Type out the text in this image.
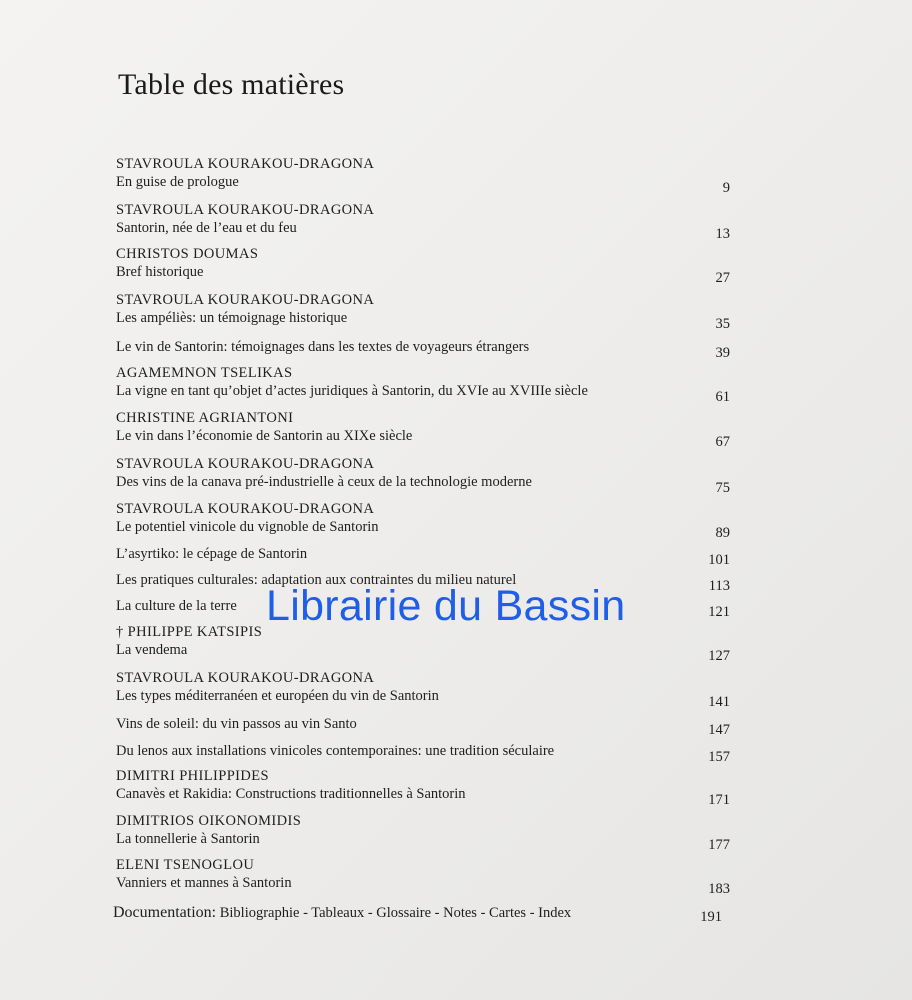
Table des matières
STAVROULA KOURAKOU-DRAGONA
En guise de prologue	9
STAVROULA KOURAKOU-DRAGONA
Santorin, née de l’eau et du feu	13
CHRISTOS DOUMAS
Bref historique	27
STAVROULA KOURAKOU-DRAGONA
Les ampéliès: un témoignage historique	35
Le vin de Santorin: témoignages dans les textes de voyageurs étrangers	39
AGAMEMNON TSELIKAS
La vigne en tant qu’objet d’actes juridiques à Santorin, du XVIe au XVIIIe siècle	61
CHRISTINE AGRIANTONI
Le vin dans l’économie de Santorin au XIXe siècle	67
STAVROULA KOURAKOU-DRAGONA
Des vins de la canava pré-industrielle à ceux de la technologie moderne	75
STAVROULA KOURAKOU-DRAGONA
Le potentiel vinicole du vignoble de Santorin	89
L’asyrtiko: le cépage de Santorin	101
Les pratiques culturales: adaptation aux contraintes du milieu naturel	113
La culture de la terre	121
† PHILIPPE KATSIPIS
La vendema	127
STAVROULA KOURAKOU-DRAGONA
Les types méditerranéen et européen du vin de Santorin	141
Vins de soleil: du vin passos au vin Santo	147
Du lenos aux installations vinicoles contemporaines: une tradition séculaire	157
DIMITRI PHILIPPIDES
Canavès et Rakidia: Constructions traditionnelles à Santorin	171
DIMITRIOS OIKONOMIDIS
La tonnellerie à Santorin	177
ELENI TSENOGLOU
Vanniers et mannes à Santorin	183
Documentation: Bibliographie - Tableaux - Glossaire - Notes - Cartes - Index	191
Librairie du Bassin
